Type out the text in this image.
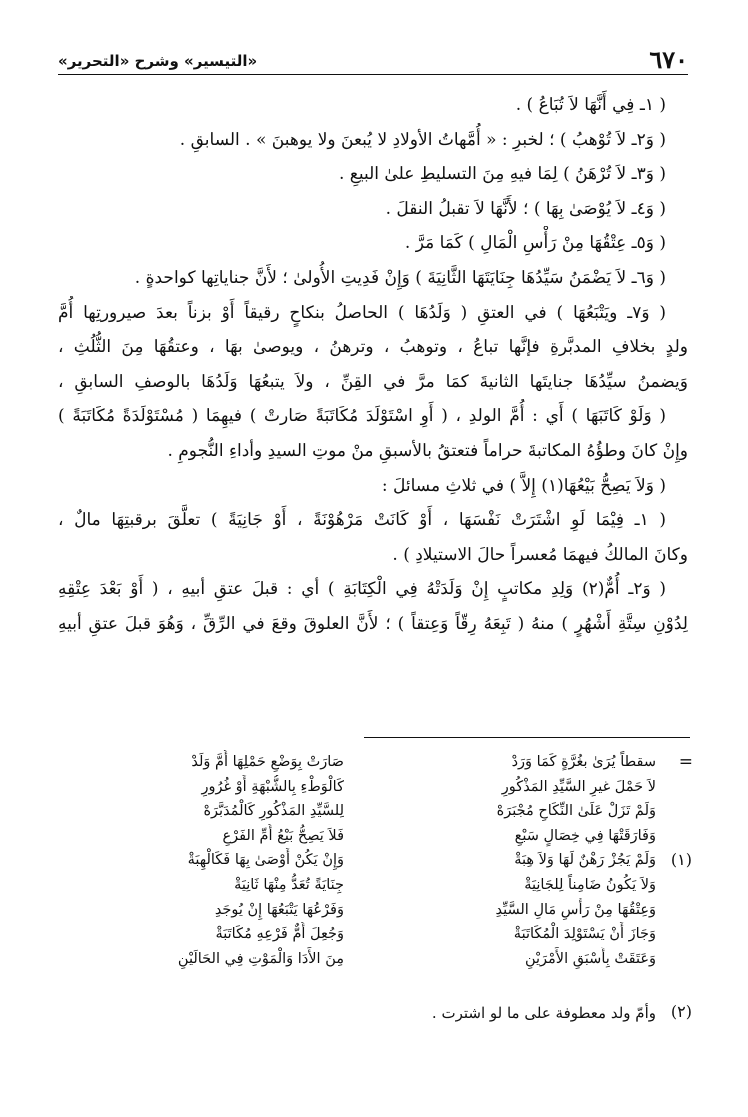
٦٧٠
«التيسير» وشرح «التحرير»
( ١ـ فِي أَنَّهَا لاَ تُبَاعُ ) .
( وَ٢ـ لاَ تُوْهبُ ) ؛ لخبرِ : « أُمَّهاتُ الأولادِ لا يُبعنَ ولا يوهبنَ » . السابقِ .
( وَ٣ـ لاَ تُرْهَنُ ) لِمَا فيهِ مِنَ التسليطِ علىٰ البيعِ .
( وَ٤ـ لاَ يُوْصَىٰ بِهَا ) ؛ لأَنَّهَا لاَ تقبلُ النقلَ .
( وَ٥ـ عِتْقُهَا مِنْ رَأْسِ الْمَالِ ) كَمَا مَرَّ .
( وَ٦ـ لاَ يَضْمَنُ سَيِّدُهَا جِنَايَتَهَا الثَّانِيَةَ ) وَإِنْ فَدِيتِ الأُولىٰ ؛ لأَنَّ جناياتِها كواحدةٍ .
( وَ٧ـ ويَتْبَعُهَا ) في العتقِ ( وَلَدُهَا ) الحاصلُ بنكاحٍ رقيقاً أَوْ بزناً بعدَ صيرورتِها أُمَّ
ولدٍ بخلافِ المدبَّرةِ فإنَّها تباعُ ، وتوهبُ ، وترهنُ ، ويوصىٰ بهَا ، وعتقُهَا مِنَ الثُّلُثِ ،
وَيضمنُ سيِّدُهَا جنايتَها الثانيةَ كمَا مرَّ في القِنِّ ، ولاَ يتبعُهَا وَلَدُهَا بالوصفِ السابقِ ،
( وَلَوْ كَاتَبَهَا ) أَي : أُمَّ الولدِ ، ( أَوِ اسْتَوْلَدَ مُكَاتَبَةً صَارتْ ) فيهِمَا ( مُسْتَوْلَدَةً مُكَاتَبَةً )
وإِنْ كانَ وطؤُهُ المكاتبةَ حراماً فتعتقُ بالأسبقِ منْ موتِ السيدِ وأداءِ النُّجومِ .
( وَلاَ يَصِحُّ بَيْعُهَا(١) إِلاَّ ) في ثلاثِ مسائلَ :
( ١ـ فِيْمَا لَوِ اشْتَرَتْ نَفْسَهَا ، أَوْ كَانَتْ مَرْهُوْنَةً ، أَوْ جَانِيَةً ) تعلَّقَ برقبتِهَا مالٌ ،
وكانَ المالكُ فيهمَا مُعسراً حالَ الاستيلادِ ) .
( وَ٢ـ أُمٌّ(٢) وَلِدِ مكاتبٍ إِنْ وَلَدَتْهُ فِي الْكِتَابَةِ ) أي : قبلَ عتقِ أبيهِ ، ( أَوْ بَعْدَ عِتْقِهِ
لِدُوْنِ سِتَّةِ أَشْهُرٍ ) منهُ ( تَبِعَهُ رِقّاً وَعِتقاً ) ؛ لأَنَّ العلوقَ وقعَ في الرِّقِّ ، وَهُوَ قبلَ عتقِ أبيهِ
=
(١)
(٢)
سقطاً يُرَىٰ بغُرَّةٍ كَمَا وَرَدْ
لاَ حَمْلَ غيرِ السَّيِّدِ المَذْكُورِ
وَلَمْ تَزَلْ عَلَىٰ النِّكَاحِ مُجْبَرَهْ
وَفَارَقَتْهَا فِي خِصَالٍ سَبْعِ
وَلَمْ يَجُزْ رَهْنٌ لَهَا وَلاَ هِبَةْ
وَلاَ يَكُونُ ضَامِناً لِلجَانِيَةْ
وَعِتْقُهَا مِنْ رَأْسِ مَالِ السَّيِّدِ
وَجَازَ أَنْ يَسْتَوْلِدَ الْمُكَاتَبَةْ
وَعَتَقَتْ بِأَسْبَقِ الأَمْرَيْنِ
صَارَتْ بِوَضْعِ حَمْلِهَا أُمَّ وَلَدْ
كَالْوَطْءِ بِالشُّبْهَةِ أَوْ غُرُورِ
لِلسَّيِّدِ المَذْكُورِ كَالْمُدَبَّرَهْ
فَلاَ يَصِحُّ بَيْعُ أُمِّ الفَرْعِ
وَإِنْ يَكُنْ أَوْصَىٰ بِهَا فَكَالْهِبَةْ
جِنَايَةً تُعَدُّ مِنْهَا ثَانِيَةْ
وَفَرْعُهَا يَتْبَعُهَا إِنْ يُوجَدِ
وَجُعِلَ أُمٌّ فَرْعِهِ مُكَاتَبَةْ
مِنَ الأَدَا وَالْمَوْتِ فِي الحَالَيْنِ
وأمّ ولد معطوفة على ما لو اشترت .
